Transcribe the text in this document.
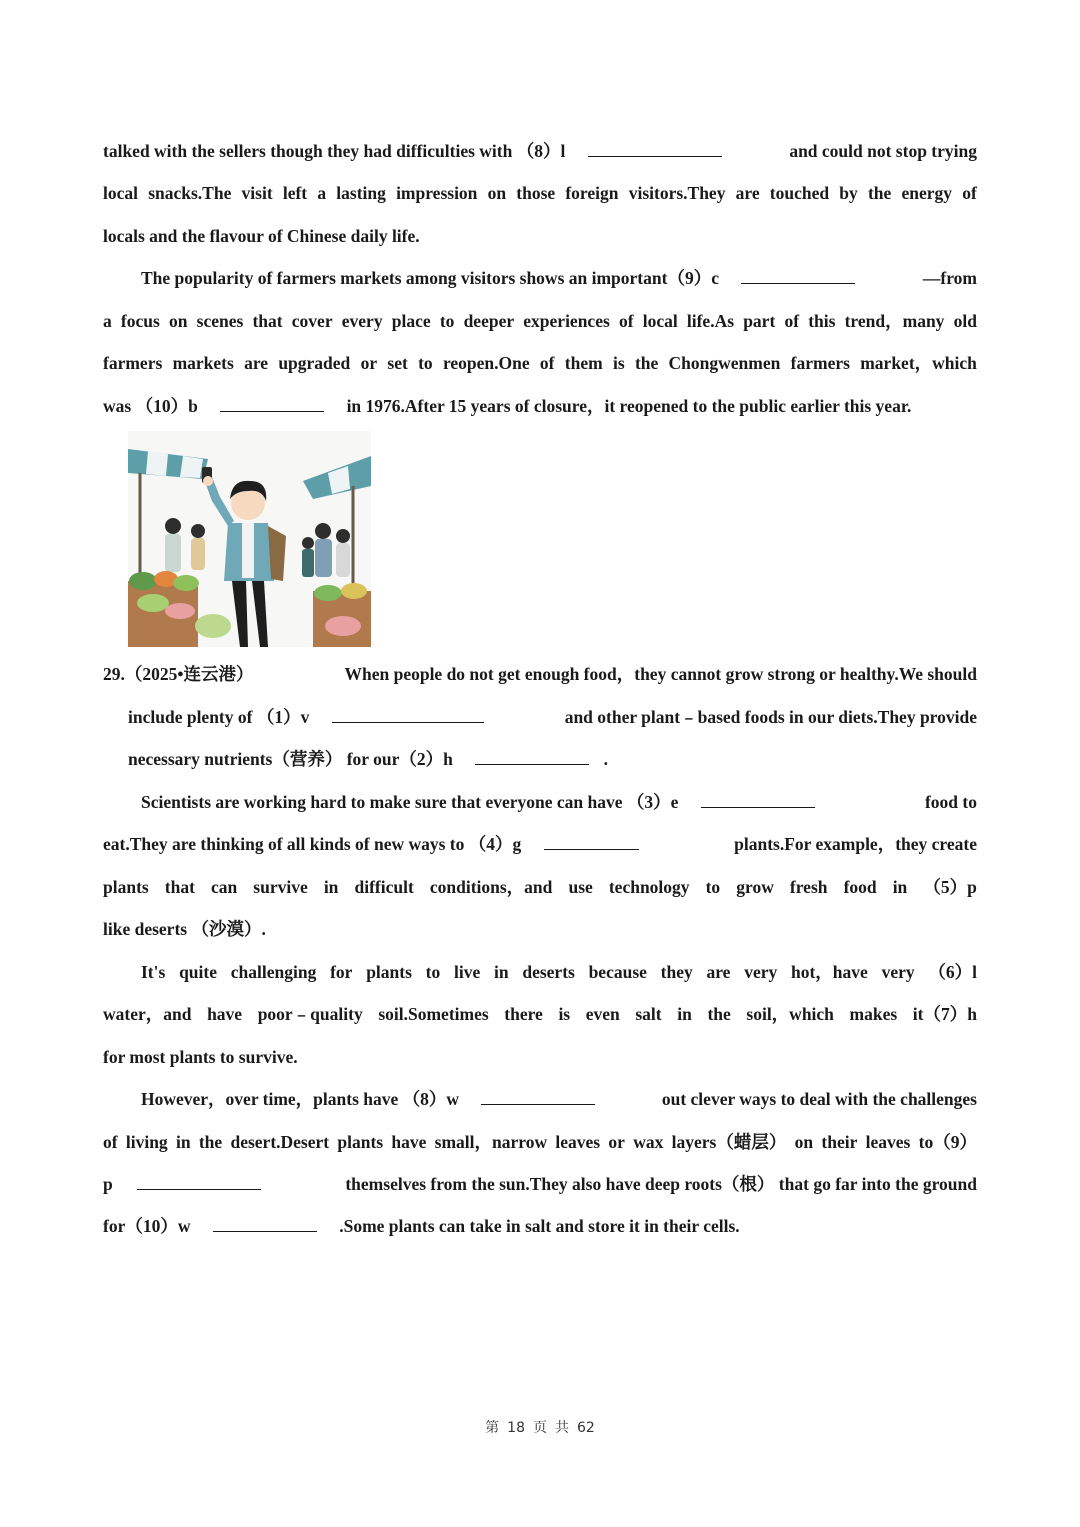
talked with the sellers though they had difficulties with （8）l	and could not stop trying
local snacks.The visit left a lasting impression on those foreign visitors.They are touched by the energy of
locals and the flavour of Chinese daily life.
The popularity of farmers markets among visitors shows an important（9）c	—from
a focus on scenes that cover every place to deeper experiences of local life.As part of this trend，many old
farmers markets are upgraded or set to reopen.One of them is the Chongwenmen farmers market，which
was （10）b	in 1976.After 15 years of closure，it reopened to the public earlier this year.
29.（2025•连云港）	When people do not get enough food，they cannot grow strong or healthy.We should
include plenty of （1）v	and other plant﹣based foods in our diets.They provide
necessary nutrients（营养） for our（2）h	.
Scientists are working hard to make sure that everyone can have （3）e	food to
eat.They are thinking of all kinds of new ways to （4）g	plants.For example，they create
plants that can survive in difficult conditions，and use technology to grow fresh food in （5）p
like deserts （沙漠）.
It's quite challenging for plants to live in deserts because they are very hot，have very （6）l
water，and have poor﹣quality soil.Sometimes there is even salt in the soil，which makes it（7）h
for most plants to survive.
However，over time，plants have （8）w	out clever ways to deal with the challenges
of living in the desert.Desert plants have small，narrow leaves or wax layers（蜡层） on their leaves to（9）
p	themselves from the sun.They also have deep roots（根） that go far into the ground
for（10）w	.Some plants can take in salt and store it in their cells.
第 18 页 共 62
